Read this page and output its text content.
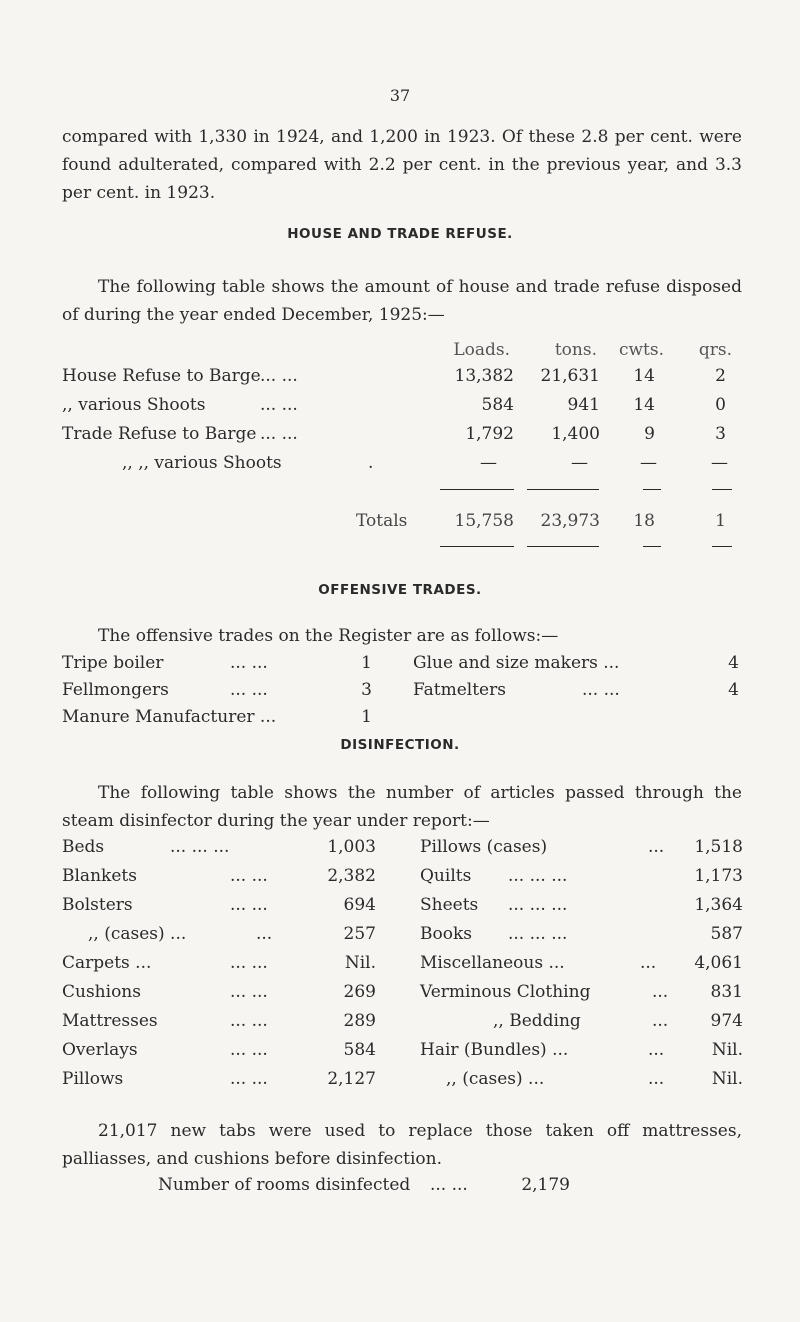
37
compared with 1,330 in 1924, and 1,200 in 1923. Of these 2.8 per cent. were found adulterated, compared with 2.2 per cent. in the previous year, and 3.3 per cent. in 1923.
HOUSE AND TRADE REFUSE.
The following table shows the amount of house and trade refuse disposed of during the year ended December, 1925:—
Loads.	tons. cwts. qrs.
House Refuse to Barge ... ...	13,382 21,631 14	2
,, various Shoots	... ...	584	941 14	0
Trade Refuse to Barge ... ...	1,792 1,400	9	3
,, ,, various Shoots	.	—	—	—	—
Totals	15,758 23,973 18	1
OFFENSIVE TRADES.
The offensive trades on the Register are as follows:—
Tripe boiler	... ...	1 Glue and size makers ...	4
Fellmongers	... ...	3 Fatmelters	... ...	4
Manure Manufacturer ...	1
DISINFECTION.
The following table shows the number of articles passed through the steam disinfector during the year under report:—
Beds	... ... ...	1,003	Pillows (cases)	... 1,518
Blankets	... ...	2,382	Quilts ... ... ...	1,173
Bolsters	... ...	694	Sheets ... ... ...	1,364
,, (cases) ...	...	257	Books ... ... ...	587
Carpets ...	... ...	Nil.	Miscellaneous ...	... 4,061
Cushions	... ...	269	Verminous Clothing	... 831
Mattresses	... ...	289	,, Bedding	... 974
Overlays	... ...	584	Hair (Bundles) ...	...	Nil.
Pillows	... ...	2,127	,, (cases) ...	...	Nil.
21,017 new tabs were used to replace those taken off mattresses, palliasses, and cushions before disinfection.
Number of rooms disinfected ... ...	2,179
